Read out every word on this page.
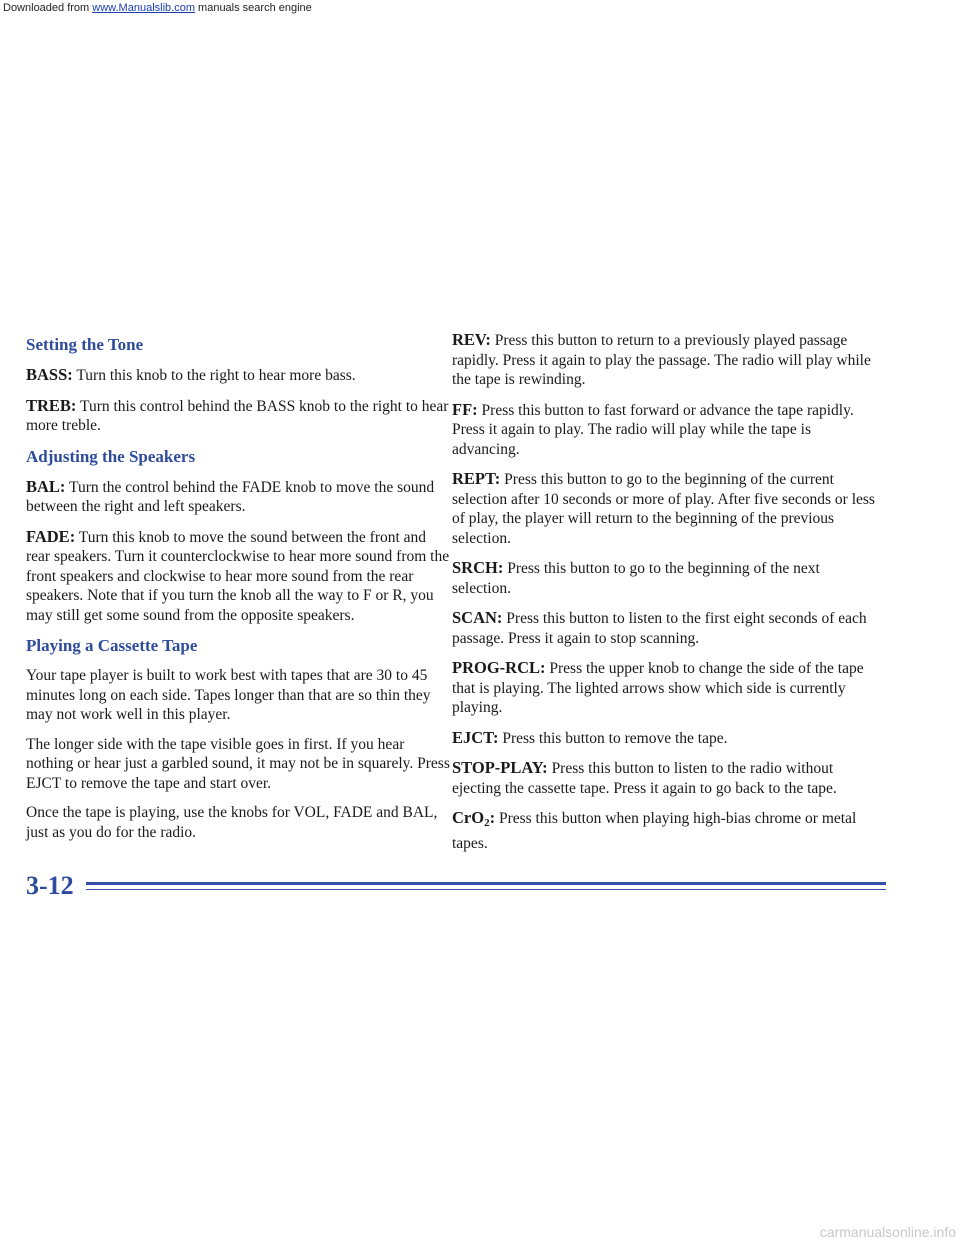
Downloaded from www.Manualslib.com manuals search engine
Setting the Tone

BASS: Turn this knob to the right to hear more bass.

TREB: Turn this control behind the BASS knob to the right to hear more treble.

Adjusting the Speakers

BAL: Turn the control behind the FADE knob to move the sound between the right and left speakers.

FADE: Turn this knob to move the sound between the front and rear speakers. Turn it counterclockwise to hear more sound from the front speakers and clockwise to hear more sound from the rear speakers. Note that if you turn the knob all the way to F or R, you may still get some sound from the opposite speakers.

Playing a Cassette Tape

Your tape player is built to work best with tapes that are 30 to 45 minutes long on each side. Tapes longer than that are so thin they may not work well in this player.

The longer side with the tape visible goes in first. If you hear nothing or hear just a garbled sound, it may not be in squarely. Press EJCT to remove the tape and start over.

Once the tape is playing, use the knobs for VOL, FADE and BAL, just as you do for the radio.

REV: Press this button to return to a previously played passage rapidly. Press it again to play the passage. The radio will play while the tape is rewinding.

FF: Press this button to fast forward or advance the tape rapidly. Press it again to play. The radio will play while the tape is advancing.

REPT: Press this button to go to the beginning of the current selection after 10 seconds or more of play. After five seconds or less of play, the player will return to the beginning of the previous selection.

SRCH: Press this button to go to the beginning of the next selection.

SCAN: Press this button to listen to the first eight seconds of each passage. Press it again to stop scanning.

PROG-RCL: Press the upper knob to change the side of the tape that is playing. The lighted arrows show which side is currently playing.

EJCT: Press this button to remove the tape.

STOP-PLAY: Press this button to listen to the radio without ejecting the cassette tape. Press it again to go back to the tape.

CrO2: Press this button when playing high-bias chrome or metal tapes.

3-12
carmanualsonline.info
